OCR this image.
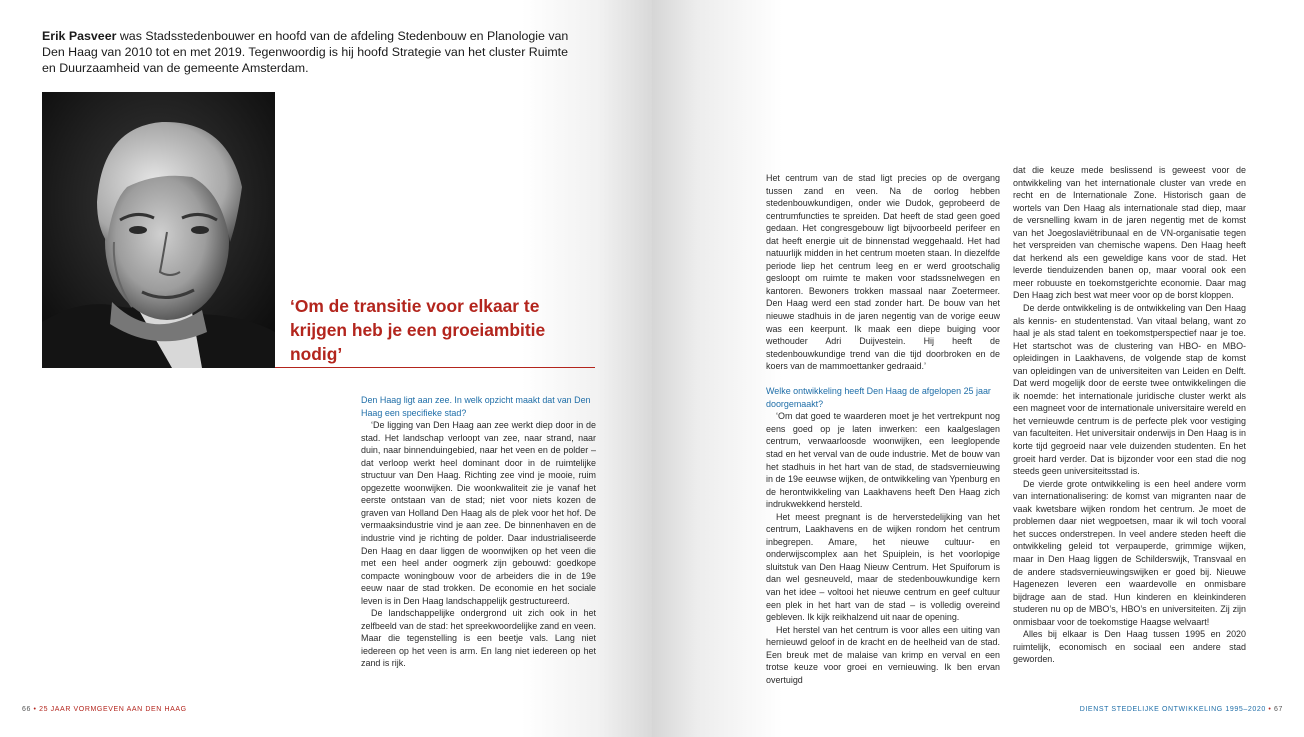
Erik Pasveer was Stadsstedenbouwer en hoofd van de afdeling Stedenbouw en Planologie van Den Haag van 2010 tot en met 2019. Tegenwoordig is hij hoofd Strategie van het cluster Ruimte en Duurzaamheid van de gemeente Amsterdam.

‘Om de transitie voor elkaar te krijgen heb je een groeiambitie nodig’

Den Haag ligt aan zee. In welk opzicht maakt dat van Den Haag een specifieke stad?

‘De ligging van Den Haag aan zee werkt diep door in de stad. Het landschap verloopt van zee, naar strand, naar duin, naar binnenduingebied, naar het veen en de polder – dat verloop werkt heel dominant door in de ruimtelijke structuur van Den Haag. Richting zee vind je mooie, ruim opgezette woonwijken. Die woonkwaliteit zie je vanaf het eerste ontstaan van de stad; niet voor niets kozen de graven van Holland Den Haag als de plek voor het hof. De vermaaksindustrie vind je aan zee. De binnenhaven en de industrie vind je richting de polder. Daar industrialiseerde Den Haag en daar liggen de woonwijken op het veen die met een heel ander oogmerk zijn gebouwd: goedkope compacte woningbouw voor de arbeiders die in de 19e eeuw naar de stad trokken. De economie en het sociale leven is in Den Haag landschappelijk gestructureerd.

De landschappelijke ondergrond uit zich ook in het zelfbeeld van de stad: het spreekwoordelijke zand en veen. Maar die tegenstelling is een beetje vals. Lang niet iedereen op het veen is arm. En lang niet iedereen op het zand is rijk.

66 • 25 JAAR VORMGEVEN AAN DEN HAAG

Het centrum van de stad ligt precies op de overgang tussen zand en veen. Na de oorlog hebben stedenbouwkundigen, onder wie Dudok, geprobeerd de centrumfuncties te spreiden. Dat heeft de stad geen goed gedaan. Het congresgebouw ligt bijvoorbeeld perifeer en dat heeft energie uit de binnenstad weggehaald. Het had natuurlijk midden in het centrum moeten staan. In diezelfde periode liep het centrum leeg en er werd grootschalig gesloopt om ruimte te maken voor stadssnelwegen en kantoren. Bewoners trokken massaal naar Zoetermeer. Den Haag werd een stad zonder hart. De bouw van het nieuwe stadhuis in de jaren negentig van de vorige eeuw was een keerpunt. Ik maak een diepe buiging voor wethouder Adri Duijvestein. Hij heeft de stedenbouwkundige trend van die tijd doorbroken en de koers van de mammoettanker gedraaid.’

Welke ontwikkeling heeft Den Haag de afgelopen 25 jaar doorgemaakt?

‘Om dat goed te waarderen moet je het vertrekpunt nog eens goed op je laten inwerken: een kaalgeslagen centrum, verwaarloosde woonwijken, een leeglopende stad en het verval van de oude industrie. Met de bouw van het stadhuis in het hart van de stad, de stadsvernieuwing in de 19e eeuwse wijken, de ontwikkeling van Ypenburg en de herontwikkeling van Laakhavens heeft Den Haag zich indrukwekkend hersteld.

Het meest pregnant is de herverstedelijking van het centrum, Laakhavens en de wijken rondom het centrum inbegrepen. Amare, het nieuwe cultuur- en onderwijscomplex aan het Spuiplein, is het voorlopige sluitstuk van Den Haag Nieuw Centrum. Het Spuiforum is dan wel gesneuveld, maar de stedenbouwkundige kern van het idee – voltooi het nieuwe centrum en geef cultuur een plek in het hart van de stad – is volledig overeind gebleven. Ik kijk reikhalzend uit naar de opening.

Het herstel van het centrum is voor alles een uiting van hernieuwd geloof in de kracht en de heelheid van de stad. Een breuk met de malaise van krimp en verval en een trotse keuze voor groei en vernieuwing. Ik ben ervan overtuigd

dat die keuze mede beslissend is geweest voor de ontwikkeling van het internationale cluster van vrede en recht en de Internationale Zone. Historisch gaan de wortels van Den Haag als internationale stad diep, maar de versnelling kwam in de jaren negentig met de komst van het Joegoslaviëtribunaal en de VN-organisatie tegen het verspreiden van chemische wapens. Den Haag heeft dat herkend als een geweldige kans voor de stad. Het leverde tienduizenden banen op, maar vooral ook een meer robuuste en toekomstgerichte economie. Daar mag Den Haag zich best wat meer voor op de borst kloppen.

De derde ontwikkeling is de ontwikkeling van Den Haag als kennis- en studentenstad. Van vitaal belang, want zo haal je als stad talent en toekomstperspectief naar je toe. Het startschot was de clustering van HBO- en MBO-opleidingen in Laakhavens, de volgende stap de komst van opleidingen van de universiteiten van Leiden en Delft. Dat werd mogelijk door de eerste twee ontwikkelingen die ik noemde: het internationale juridische cluster werkt als een magneet voor de internationale universitaire wereld en het vernieuwde centrum is de perfecte plek voor vestiging van faculteiten. Het universitair onderwijs in Den Haag is in korte tijd gegroeid naar vele duizenden studenten. En het groeit hard verder. Dat is bijzonder voor een stad die nog steeds geen universiteitsstad is.

De vierde grote ontwikkeling is een heel andere vorm van internationalisering: de komst van migranten naar de vaak kwetsbare wijken rondom het centrum. Je moet de problemen daar niet wegpoetsen, maar ik wil toch vooral het succes onderstrepen. In veel andere steden heeft die ontwikkeling geleid tot verpauperde, grimmige wijken, maar in Den Haag liggen de Schilderswijk, Transvaal en de andere stadsvernieuwingswijken er goed bij. Nieuwe Hagenezen leveren een waardevolle en onmisbare bijdrage aan de stad. Hun kinderen en kleinkinderen studeren nu op de MBO’s, HBO’s en universiteiten. Zij zijn onmisbaar voor de toekomstige Haagse welvaart!

Alles bij elkaar is Den Haag tussen 1995 en 2020 ruimtelijk, economisch en sociaal een andere stad geworden.

DIENST STEDELIJKE ONTWIKKELING 1995–2020 • 67
